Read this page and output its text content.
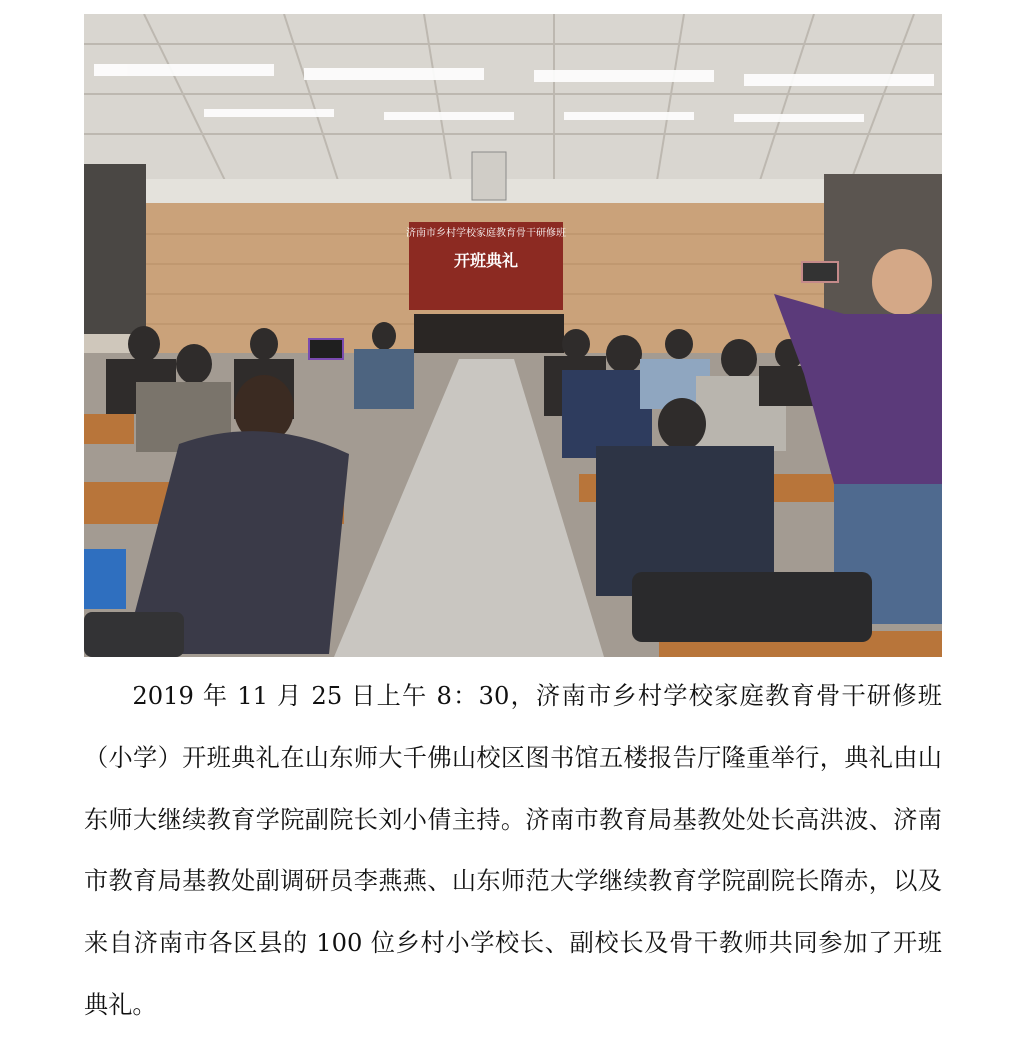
济南市乡村学校家庭教育骨干研修班
开班典礼

2019 年 11 月 25 日上午 8：30，济南市乡村学校家庭教育骨干研修班（小学）开班典礼在山东师大千佛山校区图书馆五楼报告厅隆重举行，典礼由山东师大继续教育学院副院长刘小倩主持。济南市教育局基教处处长高洪波、济南市教育局基教处副调研员李燕燕、山东师范大学继续教育学院副院长隋赤，以及来自济南市各区县的 100 位乡村小学校长、副校长及骨干教师共同参加了开班典礼。
